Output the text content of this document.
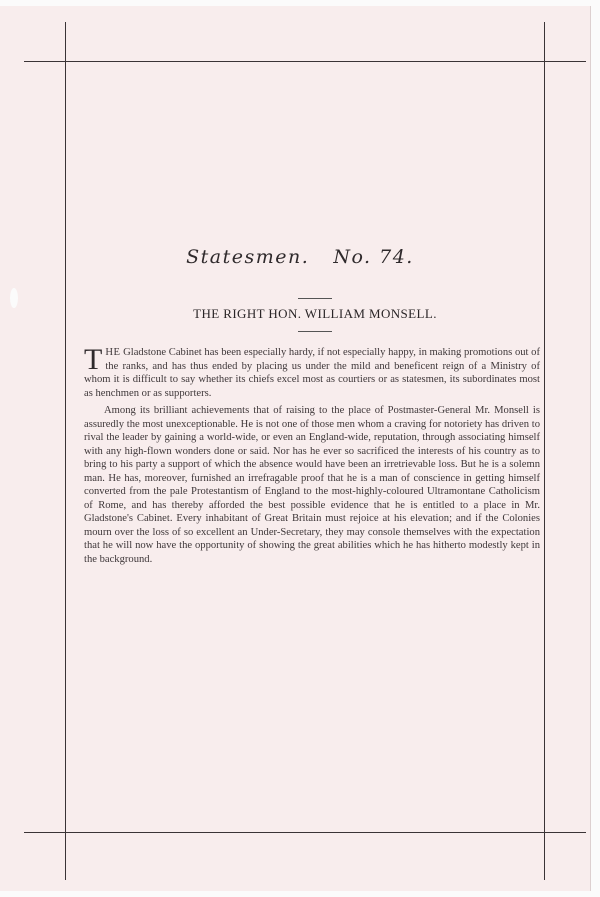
Statesmen. No. 74.
THE RIGHT HON. WILLIAM MONSELL.

THE Gladstone Cabinet has been especially hardy, if not especially happy, in making promotions out of the ranks, and has thus ended by placing us under the mild and beneficent reign of a Ministry of whom it is difficult to say whether its chiefs excel most as courtiers or as statesmen, its subordinates most as henchmen or as supporters.

Among its brilliant achievements that of raising to the place of Postmaster-General Mr. Monsell is assuredly the most unexceptionable. He is not one of those men whom a craving for notoriety has driven to rival the leader by gaining a world-wide, or even an England-wide, reputation, through associating himself with any high-flown wonders done or said. Nor has he ever so sacrificed the interests of his country as to bring to his party a support of which the absence would have been an irretrievable loss. But he is a solemn man. He has, moreover, furnished an irrefragable proof that he is a man of conscience in getting himself converted from the pale Protestantism of England to the most-highly-coloured Ultramontane Catholicism of Rome, and has thereby afforded the best possible evidence that he is entitled to a place in Mr. Gladstone's Cabinet. Every inhabitant of Great Britain must rejoice at his elevation; and if the Colonies mourn over the loss of so excellent an Under-Secretary, they may console themselves with the expectation that he will now have the opportunity of showing the great abilities which he has hitherto modestly kept in the background.
